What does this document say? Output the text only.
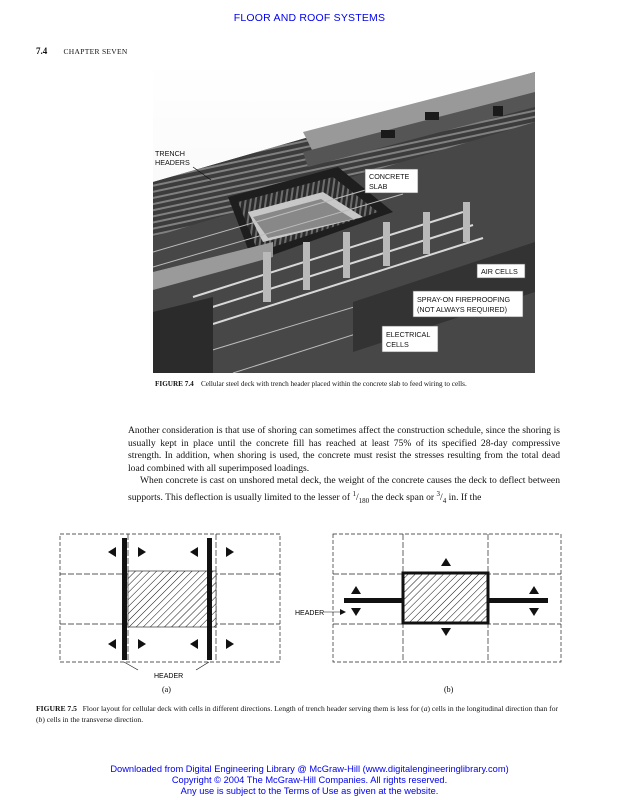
FLOOR AND ROOF SYSTEMS
7.4 CHAPTER SEVEN
TRENCH
HEADERS
CONCRETE
SLAB
AIR CELLS
SPRAY-ON FIREPROOFING
(NOT ALWAYS REQUIRED)
ELECTRICAL
CELLS
FIGURE 7.4 Cellular steel deck with trench header placed within the concrete slab to feed wiring to cells.

Another consideration is that use of shoring can sometimes affect the construction schedule, since the shoring is usually kept in place until the concrete fill has reached at least 75% of its specified 28-day compressive strength. In addition, when shoring is used, the concrete must resist the stresses resulting from the total dead load combined with all superimposed loadings.

When concrete is cast on unshored metal deck, the weight of the concrete causes the deck to deflect between supports. This deflection is usually limited to the lesser of $^1/_{180}$ the deck span or $^3/_4$ in. If the

HEADER
(a)
HEADER
(b)
FIGURE 7.5 Floor layout for cellular deck with cells in different directions. Length of trench header serving them is less for (a) cells in the longitudinal direction than for (b) cells in the transverse direction.
Downloaded from Digital Engineering Library @ McGraw-Hill (www.digitalengineeringlibrary.com)
Copyright © 2004 The McGraw-Hill Companies. All rights reserved.
Any use is subject to the Terms of Use as given at the website.
